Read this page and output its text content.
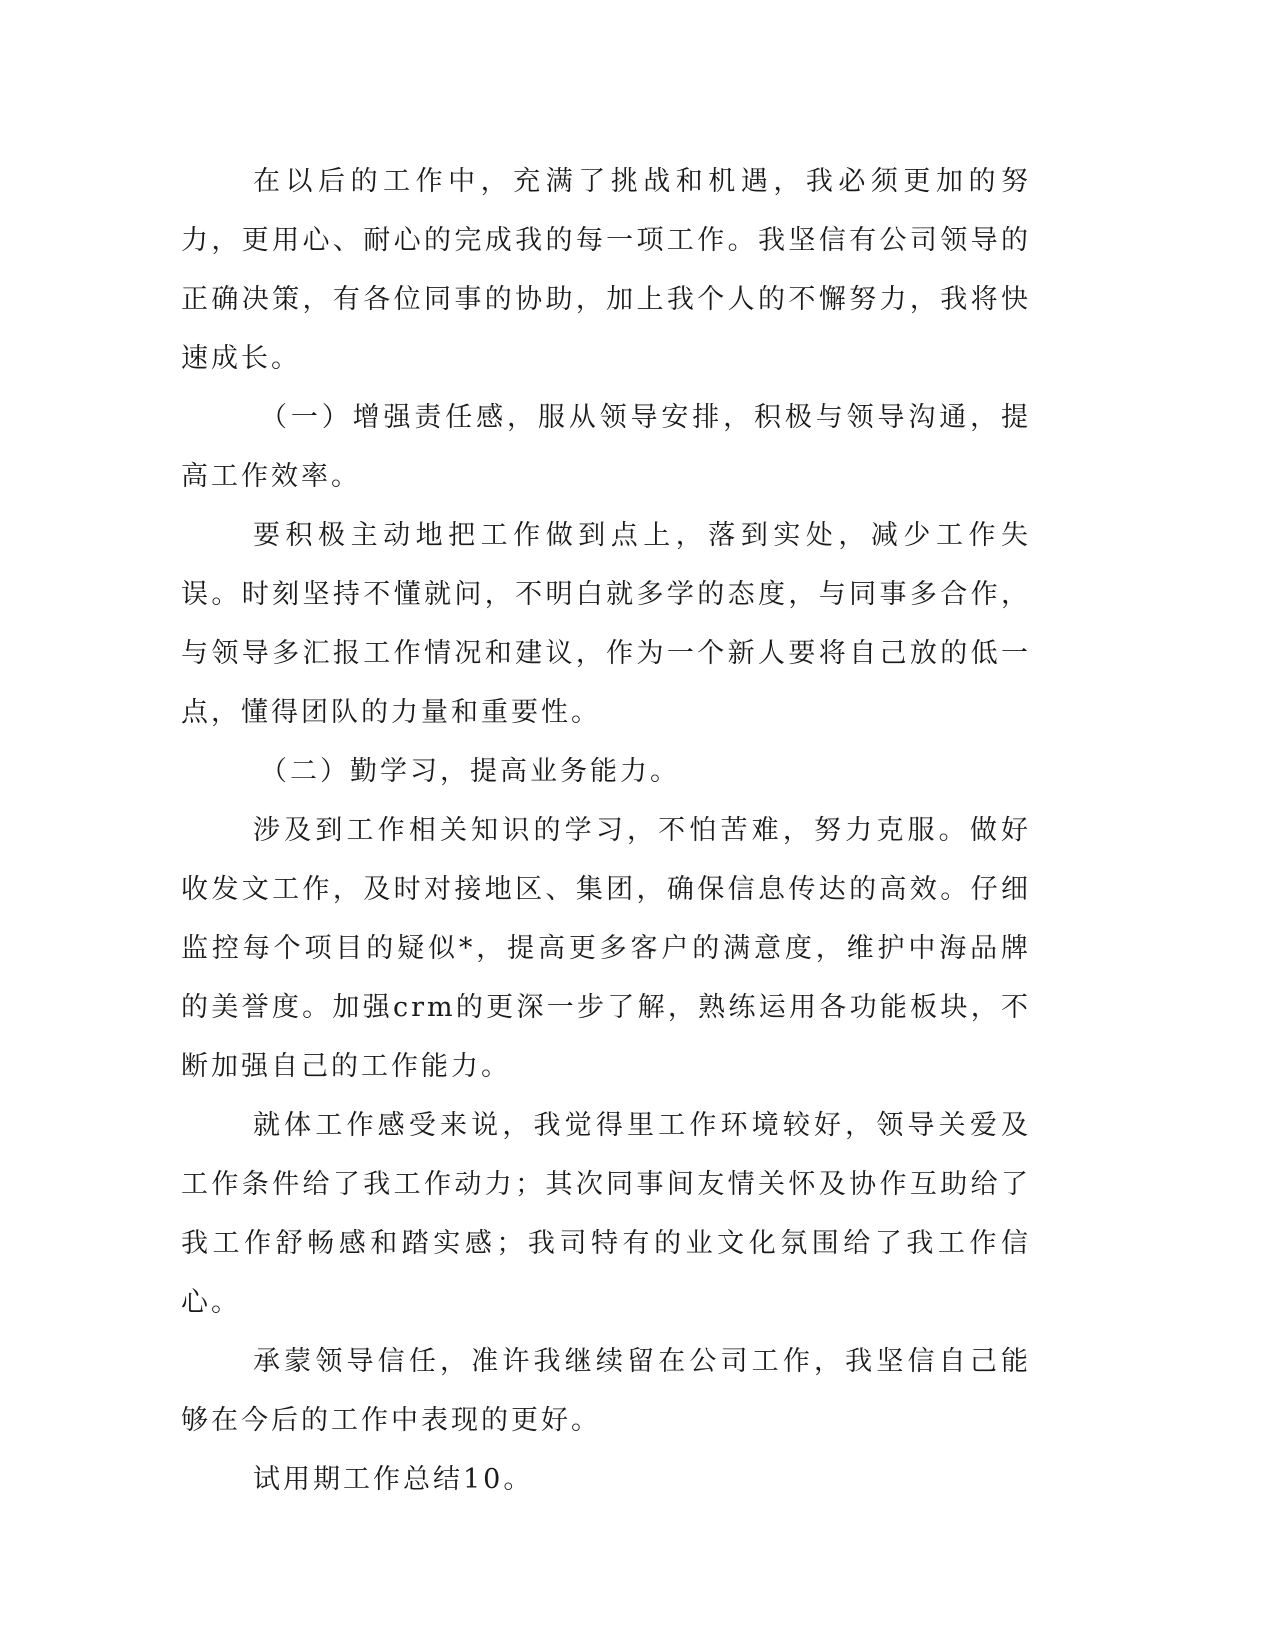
在以后的工作中，充满了挑战和机遇，我必须更加的努力，更用心、耐心的完成我的每一项工作。我坚信有公司领导的正确决策，有各位同事的协助，加上我个人的不懈努力，我将快速成长。

（一）增强责任感，服从领导安排，积极与领导沟通，提高工作效率。

要积极主动地把工作做到点上，落到实处，减少工作失误。时刻坚持不懂就问，不明白就多学的态度，与同事多合作，与领导多汇报工作情况和建议，作为一个新人要将自己放的低一点，懂得团队的力量和重要性。

（二）勤学习，提高业务能力。

涉及到工作相关知识的学习，不怕苦难，努力克服。做好收发文工作，及时对接地区、集团，确保信息传达的高效。仔细监控每个项目的疑似*，提高更多客户的满意度，维护中海品牌的美誉度。加强crm的更深一步了解，熟练运用各功能板块，不断加强自己的工作能力。

就体工作感受来说，我觉得里工作环境较好，领导关爱及工作条件给了我工作动力；其次同事间友情关怀及协作互助给了我工作舒畅感和踏实感；我司特有的业文化氛围给了我工作信心。

承蒙领导信任，准许我继续留在公司工作，我坚信自己能够在今后的工作中表现的更好。

试用期工作总结10。
